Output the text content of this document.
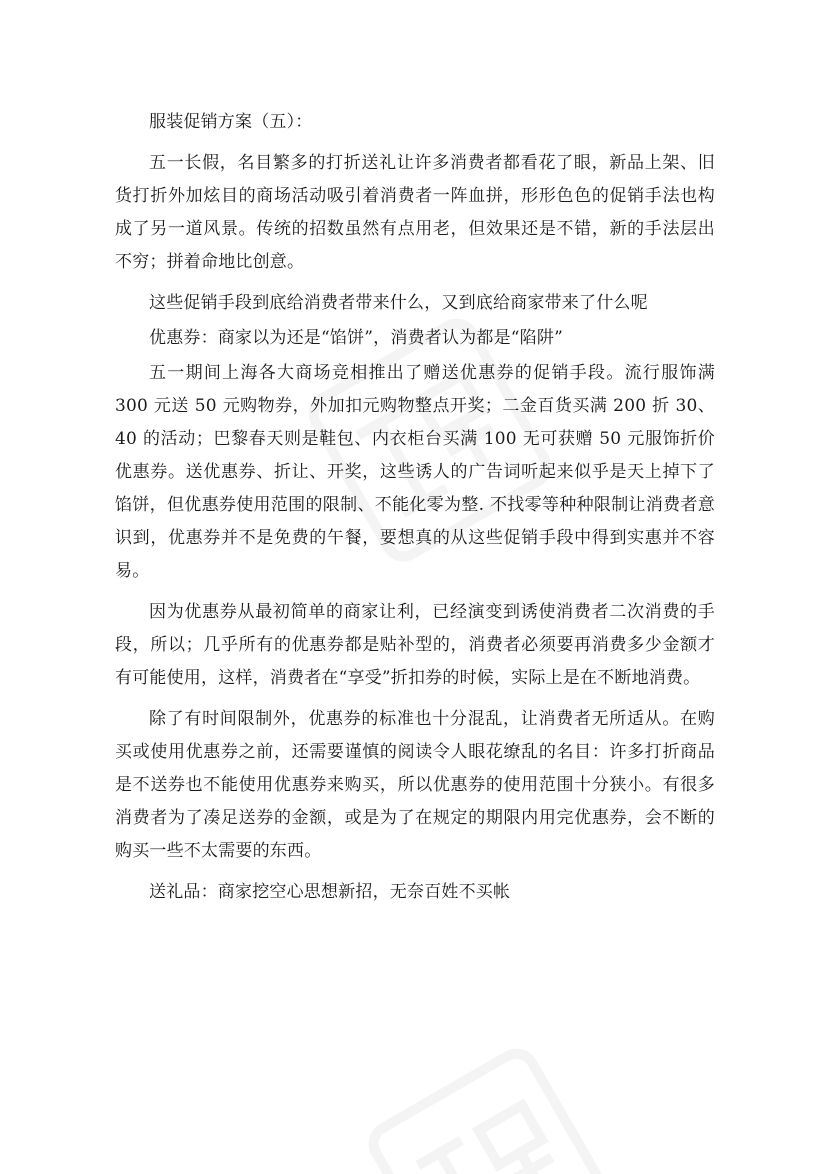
服装促销方案（五）：

五一长假，名目繁多的打折送礼让许多消费者都看花了眼，新品上架、旧货打折外加炫目的商场活动吸引着消费者一阵血拼，形形色色的促销手法也构成了另一道风景。传统的招数虽然有点用老，但效果还是不错，新的手法层出不穷；拼着命地比创意。

这些促销手段到底给消费者带来什么，又到底给商家带来了什么呢

优惠券：商家以为还是“馅饼”，消费者认为都是“陷阱”

五一期间上海各大商场竞相推出了赠送优惠券的促销手段。流行服饰满 300 元送 50 元购物券，外加扣元购物整点开奖；二金百货买满 200 折 30、40 的活动；巴黎春天则是鞋包、内衣柜台买满 100 无可获赠 50 元服饰折价优惠券。送优惠券、折让、开奖，这些诱人的广告词听起来似乎是天上掉下了馅饼，但优惠券使用范围的限制、不能化零为整. 不找零等种种限制让消费者意识到，优惠券并不是免费的午餐，要想真的从这些促销手段中得到实惠并不容易。

因为优惠券从最初简单的商家让利，已经演变到诱使消费者二次消费的手段，所以；几乎所有的优惠券都是贴补型的，消费者必须要再消费多少金额才有可能使用，这样，消费者在“享受”折扣券的时候，实际上是在不断地消费。

除了有时间限制外，优惠券的标准也十分混乱，让消费者无所适从。在购买或使用优惠券之前，还需要谨慎的阅读令人眼花缭乱的名目：许多打折商品是不送券也不能使用优惠券来购买，所以优惠券的使用范围十分狭小。有很多消费者为了凑足送券的金额，或是为了在规定的期限内用完优惠券，会不断的购买一些不太需要的东西。

送礼品：商家挖空心思想新招，无奈百姓不买帐
